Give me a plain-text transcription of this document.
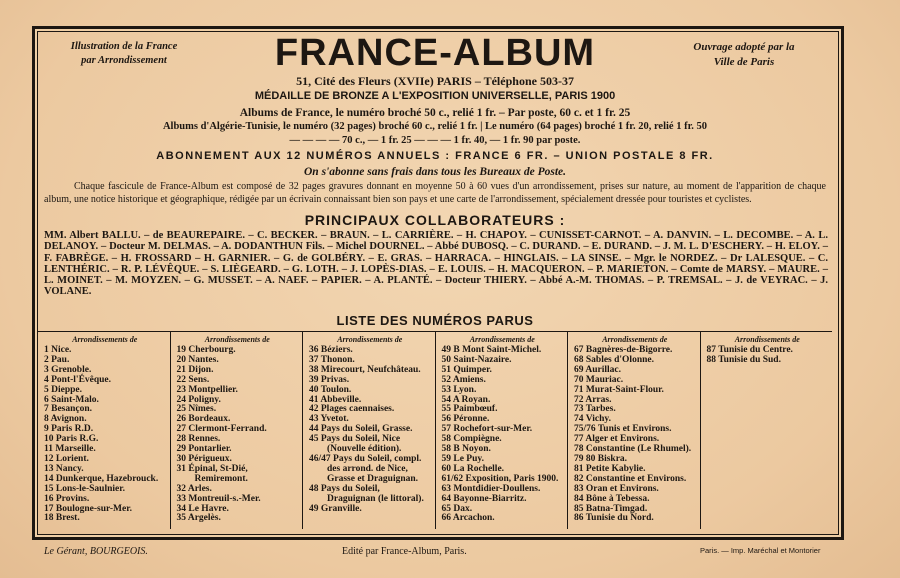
Illustration de la France
par Arrondissement	FRANCE-ALBUM	Ouvrage adopté par la
Ville de Paris
51, Cité des Fleurs (XVIIe) PARIS – Téléphone 503-37
MÉDAILLE DE BRONZE A L'EXPOSITION UNIVERSELLE, PARIS 1900
Albums de France, le numéro broché 50 c., relié 1 fr. – Par poste, 60 c. et 1 fr. 25
Albums d'Algérie-Tunisie, le numéro (32 pages) broché 60 c., relié 1 fr. | Le numéro (64 pages) broché 1 fr. 20, relié 1 fr. 50
— — — — 70 c., — 1 fr. 25 — — — 1 fr. 40, — 1 fr. 90 par poste.
ABONNEMENT AUX 12 NUMÉROS ANNUELS : FRANCE 6 FR. – UNION POSTALE 8 FR.
On s'abonne sans frais dans tous les Bureaux de Poste.
Chaque fascicule de France-Album est composé de 32 pages gravures donnant en moyenne 50 à 60 vues d'un arrondissement, prises sur nature, au moment de l'apparition de chaque album, une notice historique et géographique, rédigée par un écrivain connaissant bien son pays et une carte de l'arrondissement, spécialement dressée pour touristes et cyclistes.
PRINCIPAUX COLLABORATEURS :
MM. Albert BALLU. – de BEAUREPAIRE. – C. BECKER. – BRAUN. – L. CARRIÈRE. – H. CHAPOY. – CUNISSET-CARNOT. – A. DANVIN. – L. DECOMBE. – A. L. DELANOY. – Docteur M. DELMAS. – A. DODANTHUN Fils. – Michel DOURNEL. – Abbé DUBOSQ. – C. DURAND. – E. DURAND. – J. M. L. D'ESCHERY. – H. ELOY. – F. FABRÈGE. – H. FROSSARD – H. GARNIER. – G. de GOLBÉRY. – E. GRAS. – HARRACA. – HINGLAIS. – LA SINSE. – Mgr. le NORDEZ. – Dr LALESQUE. – C. LENTHÉRIC. – R. P. LÉVÊQUE. – S. LIÈGEARD. – G. LOTH. – J. LOPÈS-DIAS. – E. LOUIS. – H. MACQUERON. – P. MARIETON. – Comte de MARSY. – MAURE. – L. MOINET. – M. MOYZEN. – G. MUSSET. – A. NAEF. – PAPIER. – A. PLANTÉ. – Docteur THIERY. – Abbé A.-M. THOMAS. – P. TREMSAL. – J. de VEYRAC. – J. VOLANE.
LISTE DES NUMÉROS PARUS
Arrondissements de
1 Nice.
2 Pau.
3 Grenoble.
4 Pont-l'Évêque.
5 Dieppe.
6 Saint-Malo.
7 Besançon.
8 Avignon.
9 Paris R.D.
10 Paris R.G.
11 Marseille.
12 Lorient.
13 Nancy.
14 Dunkerque, Hazebrouck.
15 Lons-le-Saulnier.
16 Provins.
17 Boulogne-sur-Mer.
18 Brest.
Arrondissements de
19 Cherbourg.
20 Nantes.
21 Dijon.
22 Sens.
23 Montpellier.
24 Poligny.
25 Nîmes.
26 Bordeaux.
27 Clermont-Ferrand.
28 Rennes.
29 Pontarlier.
30 Périgueux.
31 Épinal, St-Dié, Remiremont.
32 Arles.
33 Montreuil-s.-Mer.
34 Le Havre.
35 Argelès.
Arrondissements de
36 Béziers.
37 Thonon.
38 Mirecourt, Neufchâteau.
39 Privas.
40 Toulon.
41 Abbeville.
42 Plages caennaises.
43 Yvetot.
44 Pays du Soleil, Grasse.
45 Pays du Soleil, Nice (Nouvelle édition).
46/47 Pays du Soleil, compl. des arrond. de Nice, Grasse et Draguignan.
48 Pays du Soleil, Draguignan (le littoral).
49 Granville.
Arrondissements de
49 B Mont Saint-Michel.
50 Saint-Nazaire.
51 Quimper.
52 Amiens.
53 Lyon.
54 A Royan.
55 Paimbœuf.
56 Péronne.
57 Rochefort-sur-Mer.
58 Compiègne.
58 B Noyon.
59 Le Puy.
60 La Rochelle.
61/62 Exposition, Paris 1900.
63 Montdidier-Doullens.
64 Bayonne-Biarritz.
65 Dax.
66 Arcachon.
Arrondissements de
67 Bagnères-de-Bigorre.
68 Sables d'Olonne.
69 Aurillac.
70 Mauriac.
71 Murat-Saint-Flour.
72 Arras.
73 Tarbes.
74 Vichy.
75/76 Tunis et Environs.
77 Alger et Environs.
78 Constantine (Le Rhumel).
79 80 Biskra.
81 Petite Kabylie.
82 Constantine et Environs.
83 Oran et Environs.
84 Bône à Tebessa.
85 Batna-Timgad.
86 Tunisie du Nord.
Arrondissements de
87 Tunisie du Centre.
88 Tunisie du Sud.
Le Gérant, BOURGEOIS.	Edité par France-Album, Paris.	Paris. — Imp. Maréchal et Montorier
